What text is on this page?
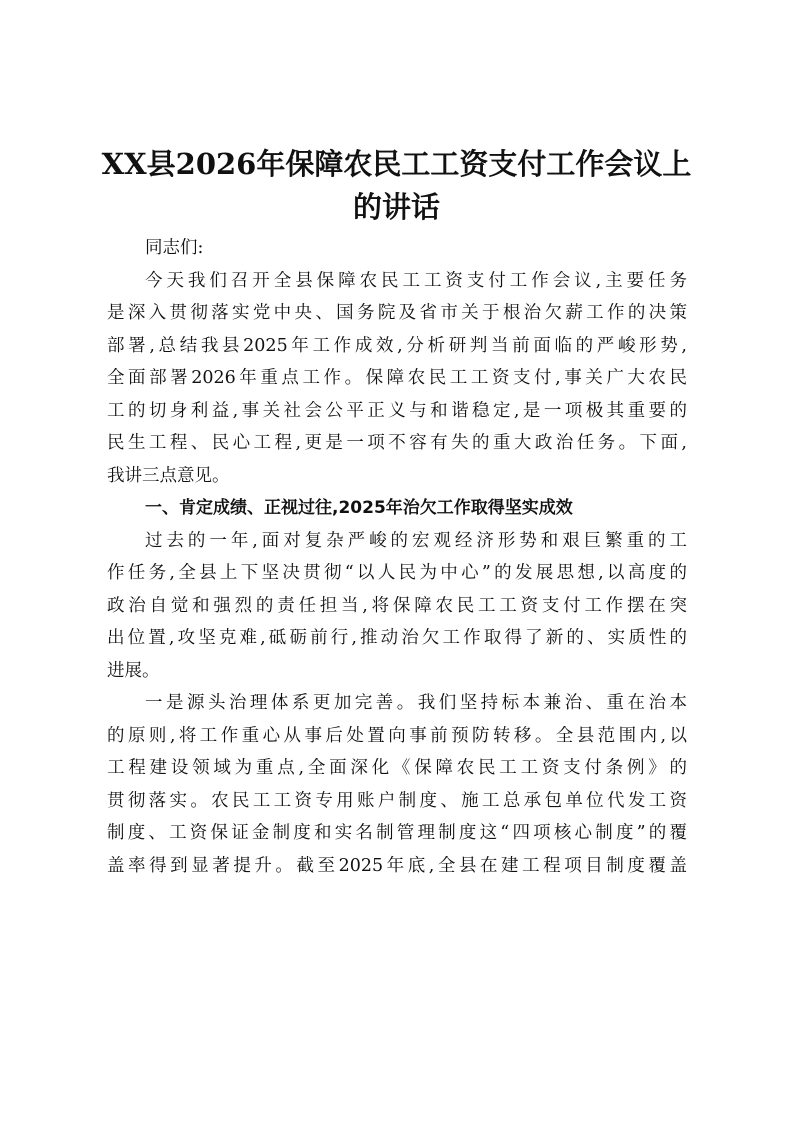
XX县2026年保障农民工工资支付工作会议上
的讲话
同志们:
今天我们召开全县保障农民工工资支付工作会议,主要任务
是深入贯彻落实党中央、国务院及省市关于根治欠薪工作的决策
部署,总结我县2025年工作成效,分析研判当前面临的严峻形势,
全面部署2026年重点工作。保障农民工工资支付,事关广大农民
工的切身利益,事关社会公平正义与和谐稳定,是一项极其重要的
民生工程、民心工程,更是一项不容有失的重大政治任务。下面,
我讲三点意见。
一、肯定成绩、正视过往,2025年治欠工作取得坚实成效
过去的一年,面对复杂严峻的宏观经济形势和艰巨繁重的工
作任务,全县上下坚决贯彻“以人民为中心”的发展思想,以高度的
政治自觉和强烈的责任担当,将保障农民工工资支付工作摆在突
出位置,攻坚克难,砥砺前行,推动治欠工作取得了新的、实质性的
进展。
一是源头治理体系更加完善。我们坚持标本兼治、重在治本
的原则,将工作重心从事后处置向事前预防转移。全县范围内,以
工程建设领域为重点,全面深化《保障农民工工资支付条例》的
贯彻落实。农民工工资专用账户制度、施工总承包单位代发工资
制度、工资保证金制度和实名制管理制度这“四项核心制度”的覆
盖率得到显著提升。截至2025年底,全县在建工程项目制度覆盖
